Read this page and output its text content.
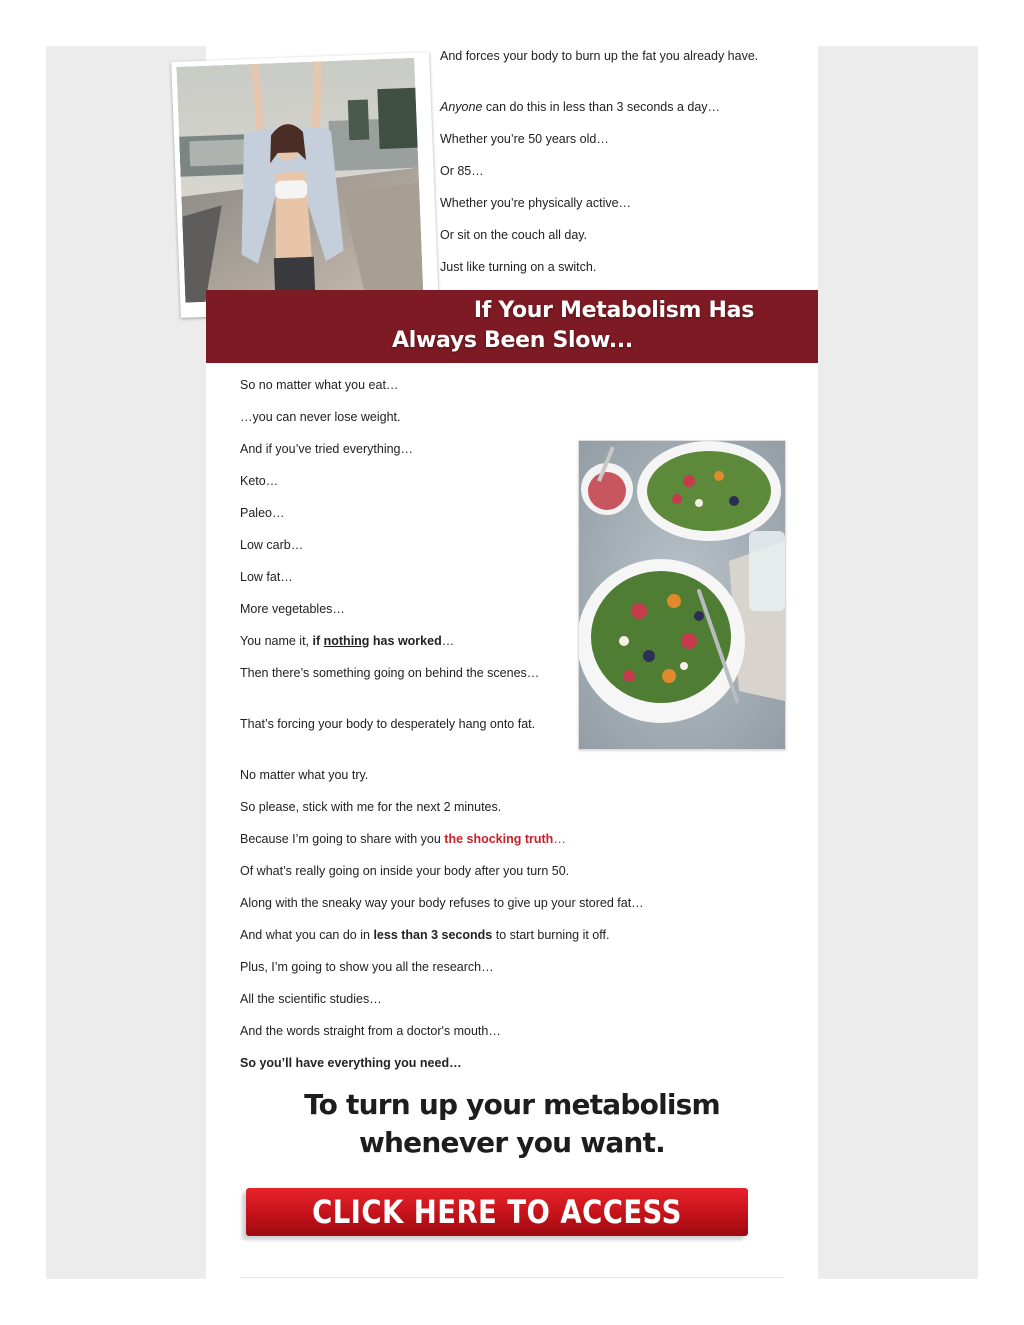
And forces your body to burn up the fat you already have.

Anyone can do this in less than 3 seconds a day…

Whether you’re 50 years old…

Or 85…

Whether you’re physically active…

Or sit on the couch all day.

Just like turning on a switch.

If Your Metabolism Has
Always Been Slow...

So no matter what you eat…

…you can never lose weight.

And if you’ve tried everything…

Keto…

Paleo…

Low carb…

Low fat…

More vegetables…

You name it, if nothing has worked…

Then there’s something going on behind the scenes…

That’s forcing your body to desperately hang onto fat.

No matter what you try.

So please, stick with me for the next 2 minutes.

Because I’m going to share with you the shocking truth…

Of what’s really going on inside your body after you turn 50.

Along with the sneaky way your body refuses to give up your stored fat…

And what you can do in less than 3 seconds to start burning it off.

Plus, I’m going to show you all the research…

All the scientific studies…

And the words straight from a doctor's mouth…

So you’ll have everything you need…

To turn up your metabolism
whenever you want.
CLICK HERE TO ACCESS
